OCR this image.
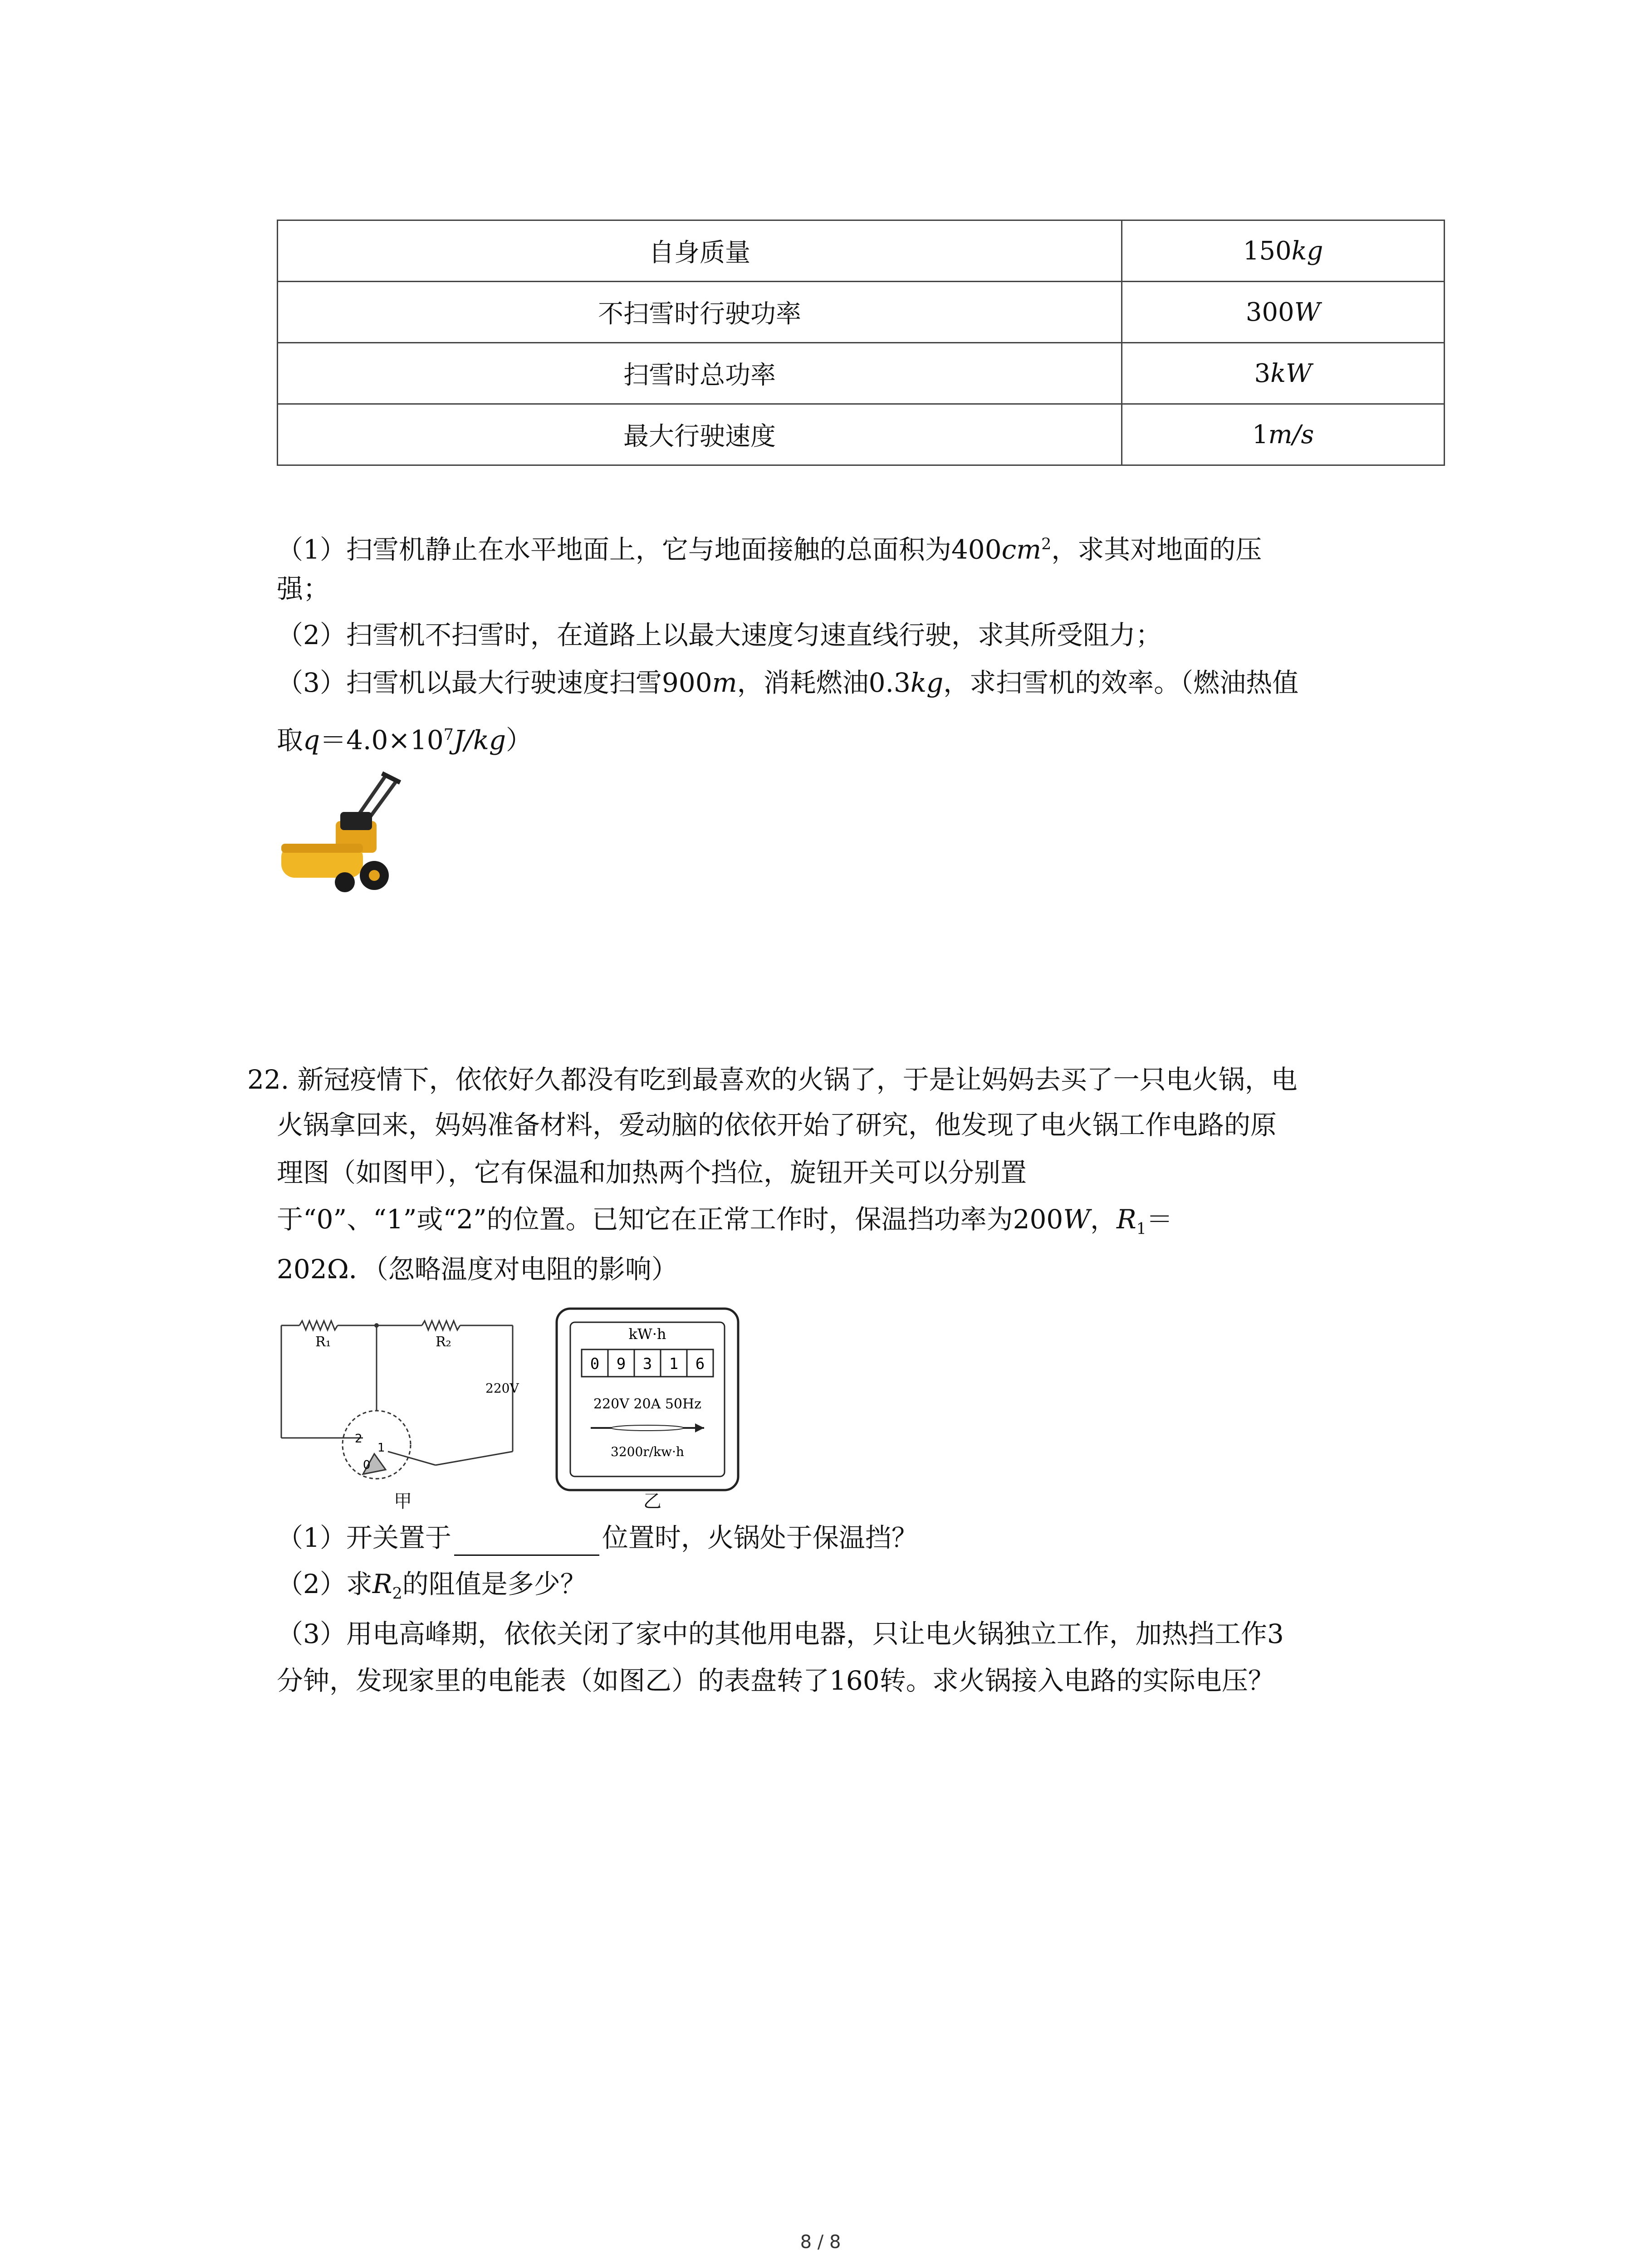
自身质量	150kg
不扫雪时行驶功率	300W
扫雪时总功率	3kW
最大行驶速度	1m/s
（1）扫雪机静止在水平地面上，它与地面接触的总面积为$400cm^2$，求其对地面的压
强；
（2）扫雪机不扫雪时，在道路上以最大速度匀速直线行驶，求其所受阻力；
（3）扫雪机以最大行驶速度扫雪900m，消耗燃油0.3kg，求扫雪机的效率。（燃油热值
取$q=4.0\times 10^7J/kg$）
22. 新冠疫情下，依依好久都没有吃到最喜欢的火锅了，于是让妈妈去买了一只电火锅，电
火锅拿回来，妈妈准备材料，爱动脑的依依开始了研究，他发现了电火锅工作电路的原
理图（如图甲），它有保温和加热两个挡位，旋钮开关可以分别置
于“0”、“1”或“2”的位置。已知它在正常工作时，保温挡功率为200W，$R_1=$
202Ω．（忽略温度对电阻的影响）
R₁	R₂
220V
2
1
0
甲
kW·h
0 9 3 1 6
220V 20A 50Hz
3200r/kw·h
乙
（1）开关置于	位置时，火锅处于保温挡？
（2）求$R_2$的阻值是多少？
（3）用电高峰期，依依关闭了家中的其他用电器，只让电火锅独立工作，加热挡工作3
分钟，发现家里的电能表（如图乙）的表盘转了160转。求火锅接入电路的实际电压？
8 / 8
